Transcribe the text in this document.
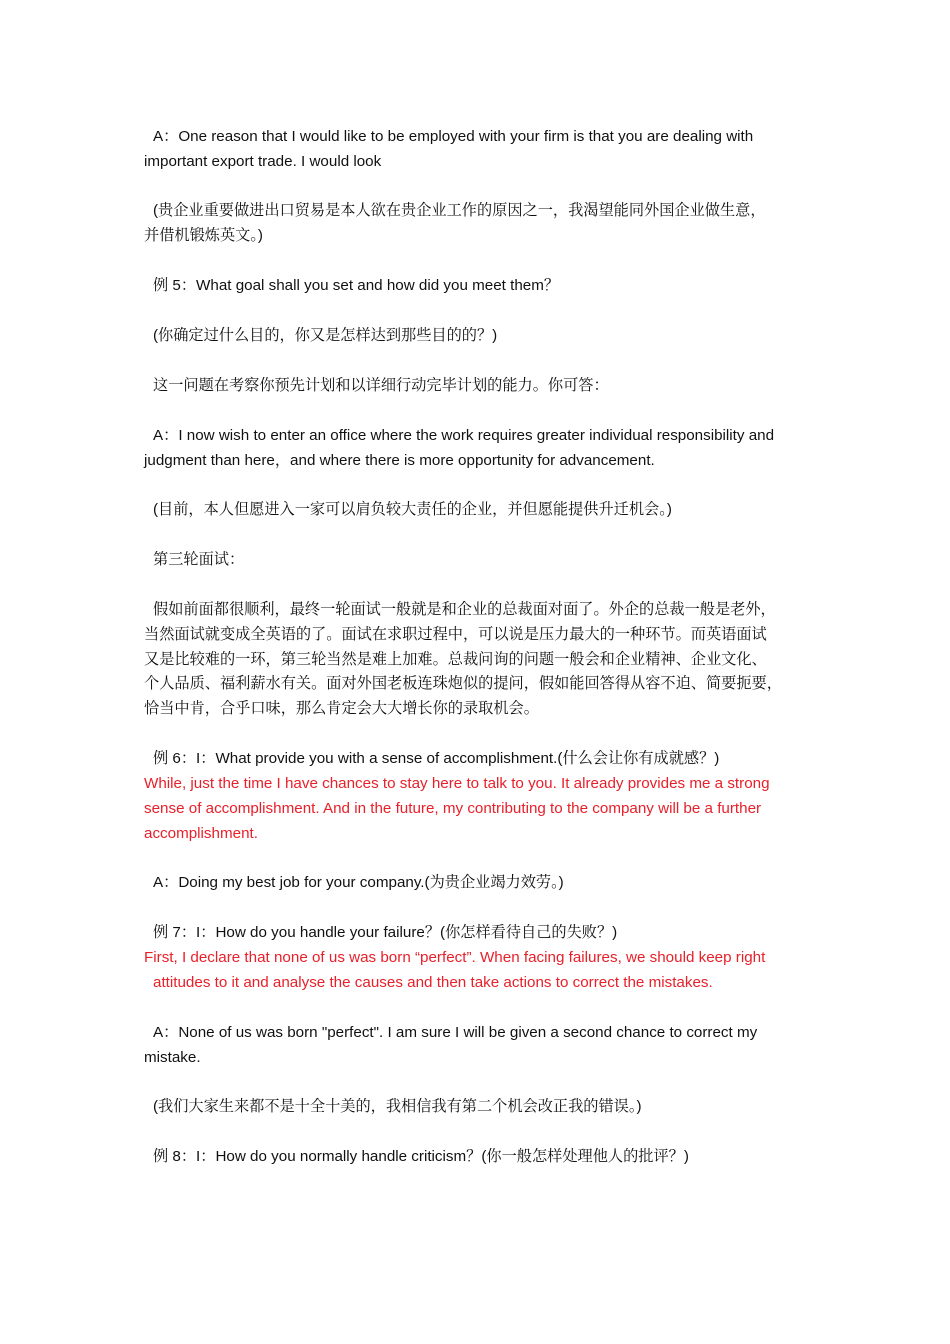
A：One reason that I would like to be employed with your firm is that you are dealing with
important export trade. I would look
(贵企业重要做进出口贸易是本人欲在贵企业工作的原因之一，我渴望能同外国企业做生意，
并借机锻炼英文。)
例 5：What goal shall you set and how did you meet them？
(你确定过什么目的，你又是怎样达到那些目的的？)
这一问题在考察你预先计划和以详细行动完毕计划的能力。你可答：
A：I now wish to enter an office where the work requires greater individual responsibility and
judgment than here，and where there is more opportunity for advancement.
(目前，本人但愿进入一家可以肩负较大责任的企业，并但愿能提供升迁机会。)
第三轮面试：
假如前面都很顺利，最终一轮面试一般就是和企业的总裁面对面了。外企的总裁一般是老外，
当然面试就变成全英语的了。面试在求职过程中，可以说是压力最大的一种环节。而英语面试
又是比较难的一环，第三轮当然是难上加难。总裁问询的问题一般会和企业精神、企业文化、
个人品质、福利薪水有关。面对外国老板连珠炮似的提问，假如能回答得从容不迫、简要扼要，
恰当中肯，合乎口味，那么肯定会大大增长你的录取机会。
例 6：I：What provide you with a sense of accomplishment.(什么会让你有成就感？)
While, just the time I have chances to stay here to talk to you. It already provides me a strong
sense of accomplishment. And in the future, my contributing to the company will be a further
accomplishment.
A：Doing my best job for your company.(为贵企业竭力效劳。)
例 7：I：How do you handle your failure？(你怎样看待自己的失败？)
First, I declare that none of us was born “perfect”. When facing failures, we should keep right
attitudes to it and analyse the causes and then take actions to correct the mistakes.
A：None of us was born "perfect". I am sure I will be given a second chance to correct my
mistake.
(我们大家生来都不是十全十美的，我相信我有第二个机会改正我的错误。)
例 8：I：How do you normally handle criticism？(你一般怎样处理他人的批评？)
